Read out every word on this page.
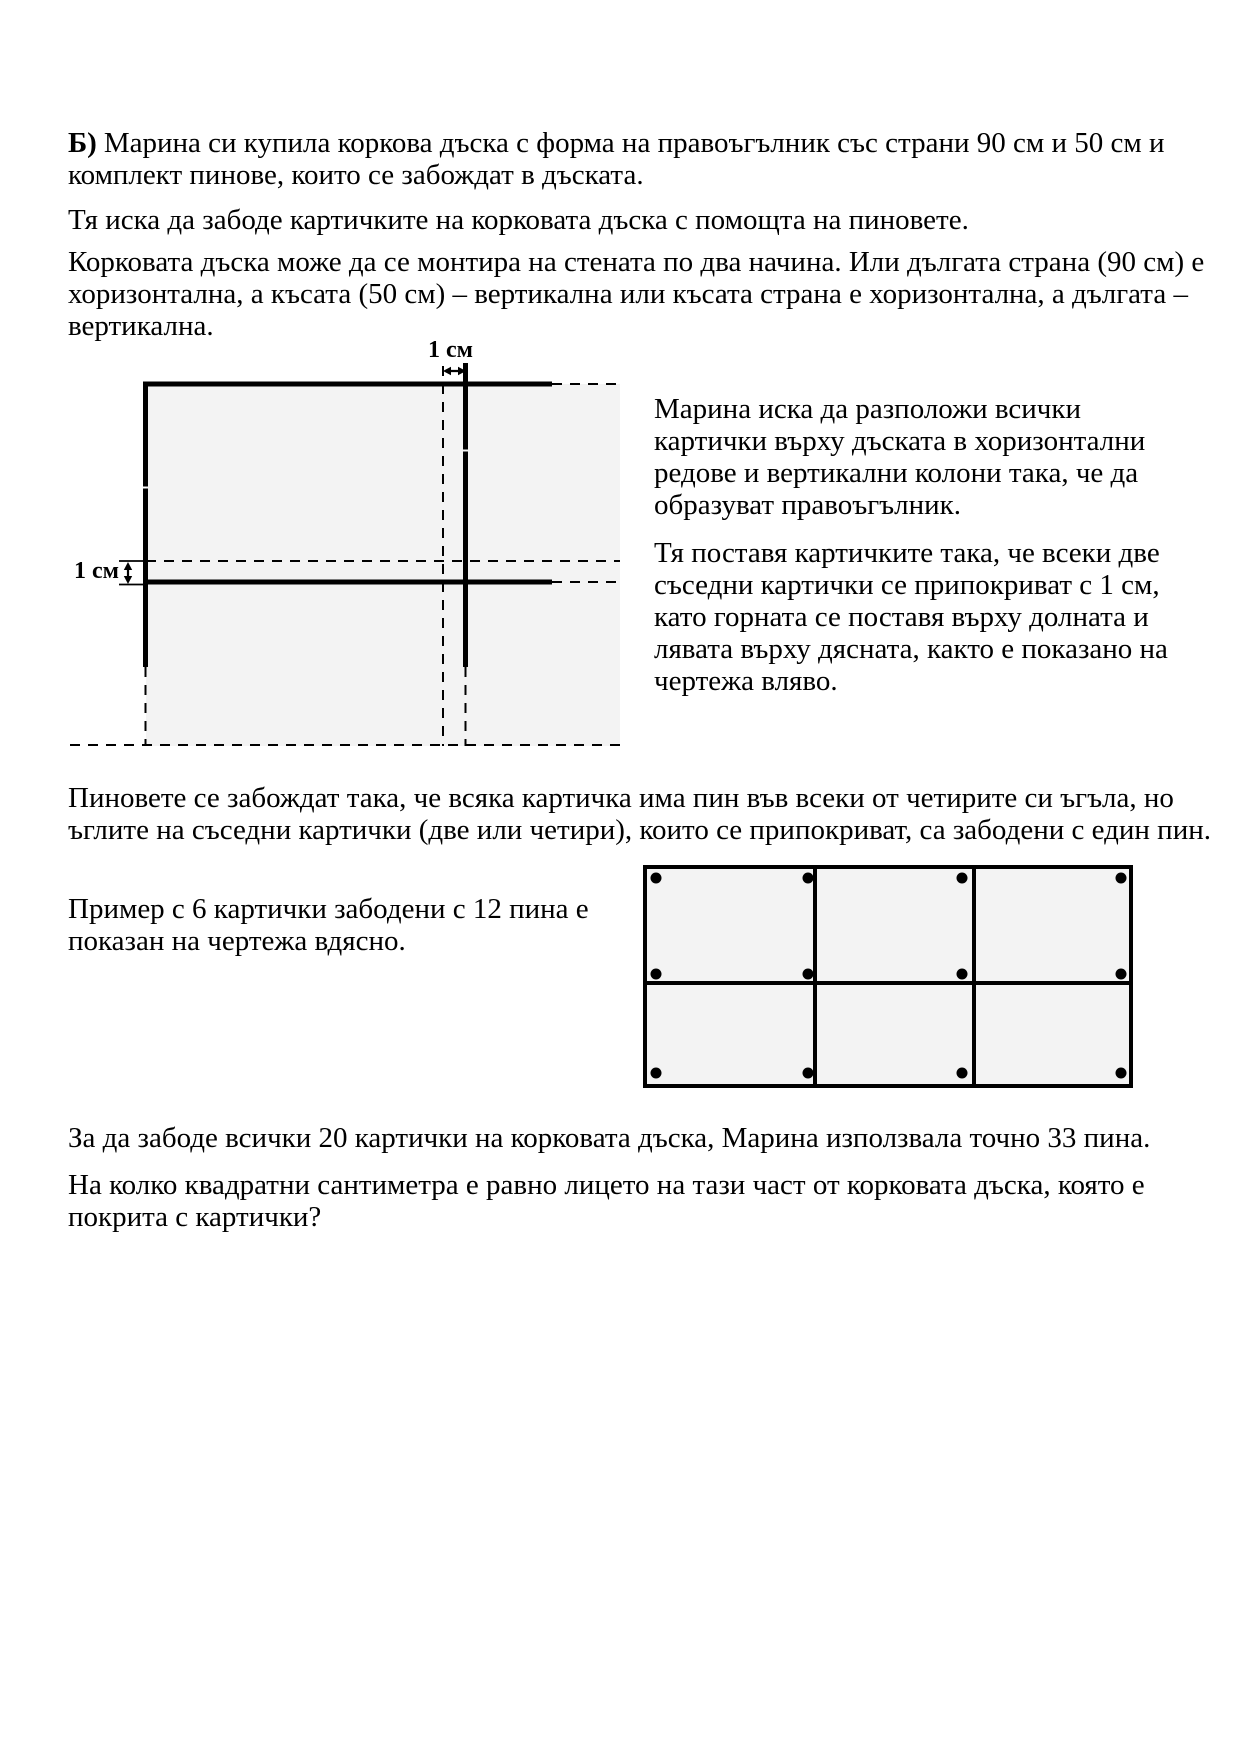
Б) Марина си купила коркова дъска с форма на правоъгълник със страни 90 см и 50 см и
комплект пинове, които се забождат в дъската.
Тя иска да забоде картичките на корковата дъска с помощта на пиновете.
Корковата дъска може да се монтира на стената по два начина. Или дългата страна (90 см) е
хоризонтална, а късата (50 см) – вертикална или късата страна е хоризонтална, а дългата –
вертикална.
1 см
1 см
Марина иска да разположи всички
картички върху дъската в хоризонтални
редове и вертикални колони така, че да
образуват правоъгълник.
Тя поставя картичките така, че всеки две
съседни картички се припокриват с 1 см,
като горната се поставя върху долната и
лявата върху дясната, както е показано на
чертежа вляво.
Пиновете се забождат така, че всяка картичка има пин във всеки от четирите си ъгъла, но
ъглите на съседни картички (две или четири), които се припокриват, са забодени с един пин.
Пример с 6 картички забодени с 12 пина е
показан на чертежа вдясно.
За да забоде всички 20 картички на корковата дъска, Марина използвала точно 33 пина.
На колко квадратни сантиметра е равно лицето на тази част от корковата дъска, която е
покрита с картички?
